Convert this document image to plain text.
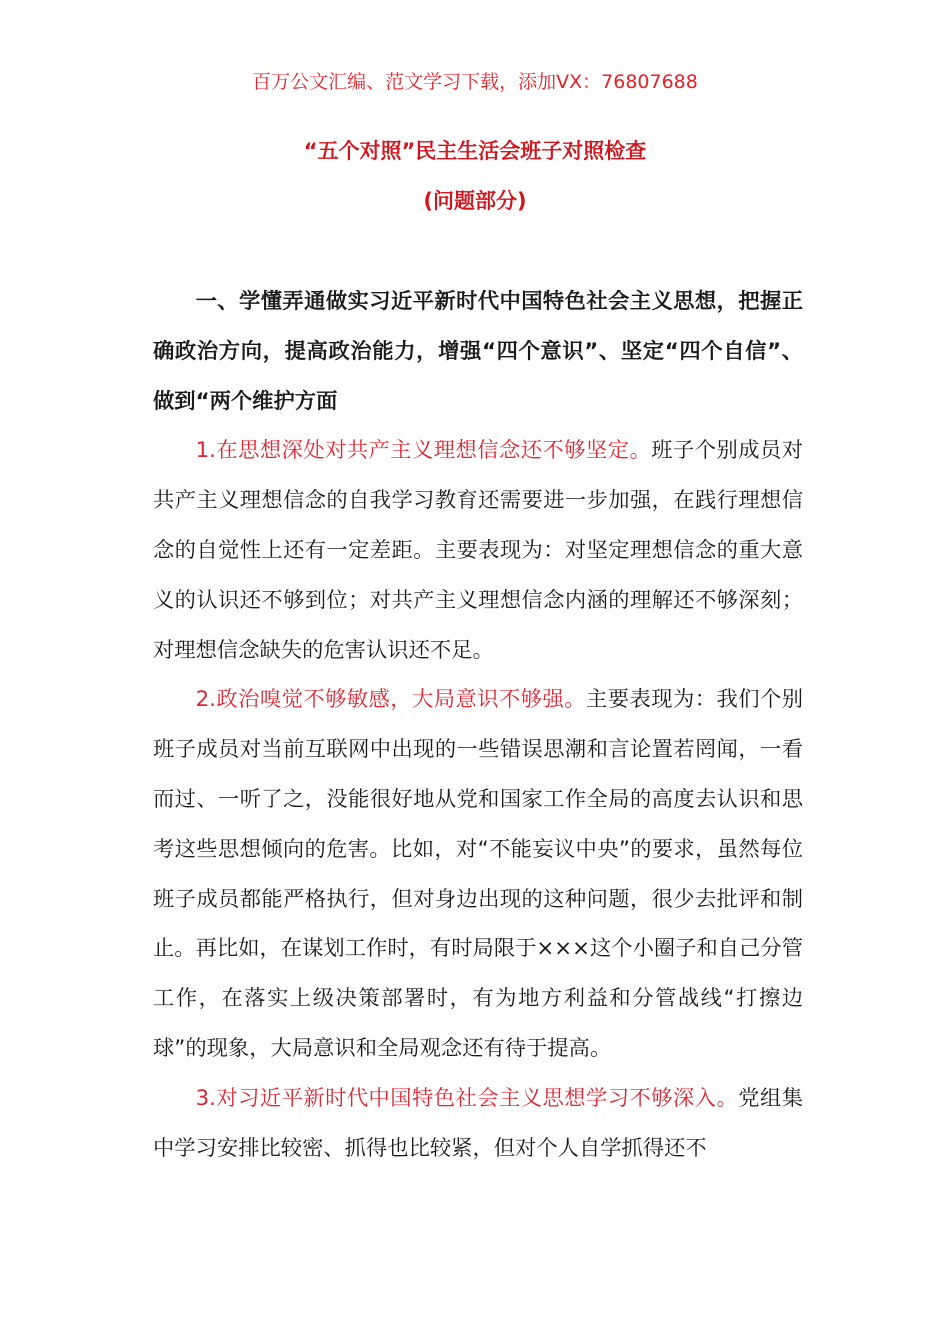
百万公文汇编、范文学习下载，添加VX：76807688
“五个对照”民主生活会班子对照检查
(问题部分)

一、学懂弄通做实习近平新时代中国特色社会主义思想，把握正确政治方向，提高政治能力，增强“四个意识”、坚定“四个自信”、做到“两个维护方面

1.在思想深处对共产主义理想信念还不够坚定。班子个别成员对共产主义理想信念的自我学习教育还需要进一步加强，在践行理想信念的自觉性上还有一定差距。主要表现为：对坚定理想信念的重大意义的认识还不够到位；对共产主义理想信念内涵的理解还不够深刻；对理想信念缺失的危害认识还不足。

2.政治嗅觉不够敏感，大局意识不够强。主要表现为：我们个别班子成员对当前互联网中出现的一些错误思潮和言论置若罔闻，一看而过、一听了之，没能很好地从党和国家工作全局的高度去认识和思考这些思想倾向的危害。比如，对“不能妄议中央”的要求，虽然每位班子成员都能严格执行，但对身边出现的这种问题，很少去批评和制止。再比如，在谋划工作时，有时局限于×××这个小圈子和自己分管工作，在落实上级决策部署时，有为地方利益和分管战线“打擦边球”的现象，大局意识和全局观念还有待于提高。

3.对习近平新时代中国特色社会主义思想学习不够深入。党组集中学习安排比较密、抓得也比较紧，但对个人自学抓得还不
